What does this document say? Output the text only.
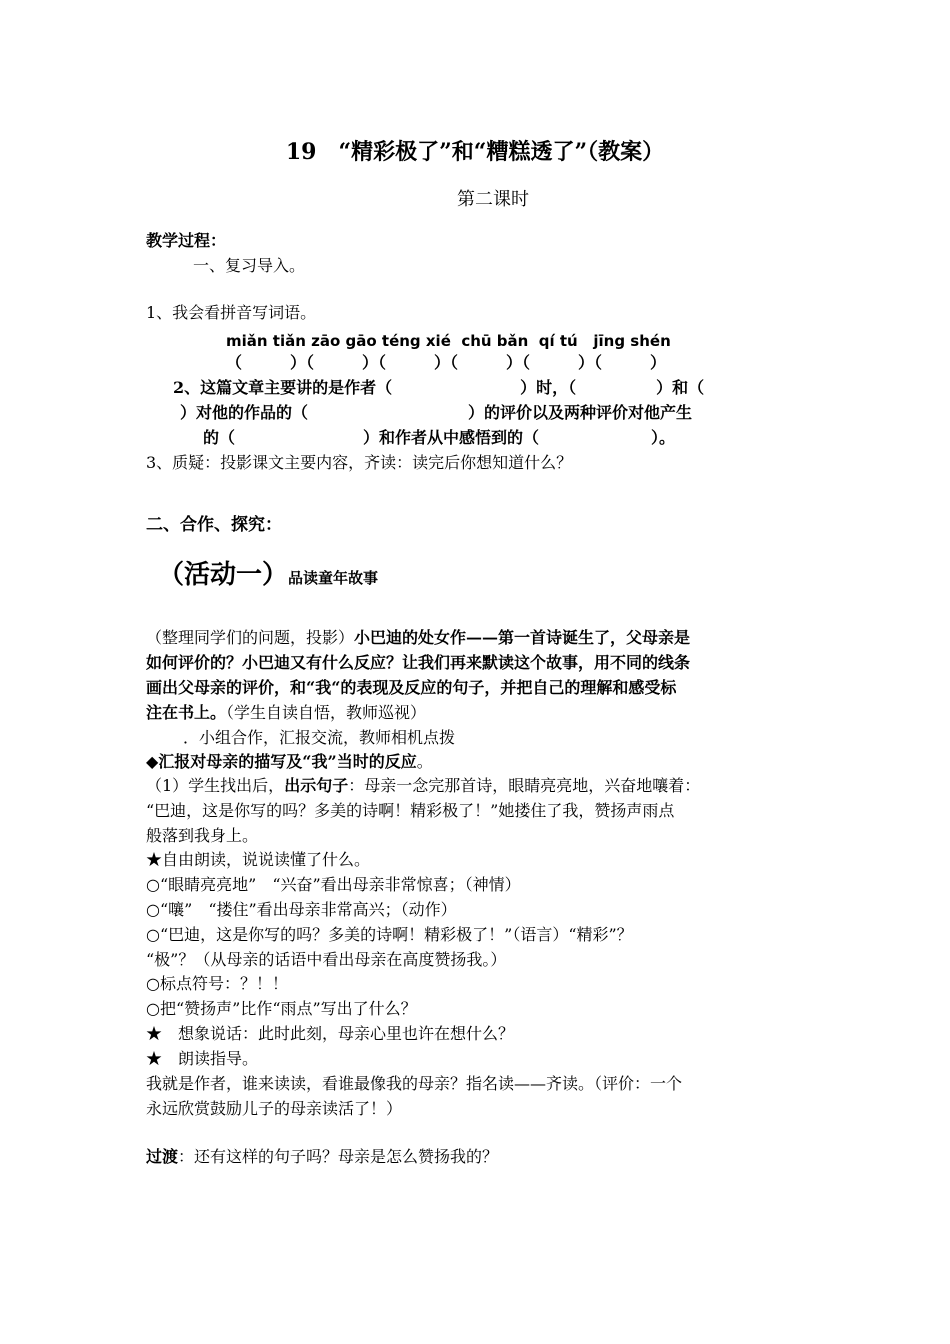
19　“精彩极了”和“糟糕透了”（教案）
第二课时
教学过程：
一、复习导入。
1、我会看拼音写词语。
miǎn tiǎn zāo gāo téng xié  chū bǎn  qí tú   jīng shén
（　　　）（　　　）（　　　）（　　　）（　　　）（　　　）
2、这篇文章主要讲的是作者（　　　　　　　　）时，（　　　　　）和（
）对他的作品的（　　　　　　　　　　）的评价以及两种评价对他产生
的（　　　　　　　　）和作者从中感悟到的（　　　　　　　）。
3、质疑：投影课文主要内容，齐读：读完后你想知道什么？
二、合作、探究：
（活动一）品读童年故事
（整理同学们的问题，投影）小巴迪的处女作——第一首诗诞生了，父母亲是
如何评价的？小巴迪又有什么反应？让我们再来默读这个故事，用不同的线条
画出父母亲的评价，和“我“的表现及反应的句子，并把自己的理解和感受标
注在书上。（学生自读自悟，教师巡视）
．小组合作，汇报交流，教师相机点拨
◆汇报对母亲的描写及“我”当时的反应。
（1）学生找出后，出示句子：母亲一念完那首诗，眼睛亮亮地，兴奋地嚷着：
“巴迪，这是你写的吗？多美的诗啊！精彩极了！”她搂住了我，赞扬声雨点
般落到我身上。
★自由朗读，说说读懂了什么。
○“眼睛亮亮地”　“兴奋”看出母亲非常惊喜；（神情）
○“嚷”　“搂住”看出母亲非常高兴；（动作）
○“巴迪，这是你写的吗？多美的诗啊！精彩极了！”（语言）“精彩”？
“极”？（从母亲的话语中看出母亲在高度赞扬我。）
○标点符号：？！！
○把“赞扬声”比作“雨点”写出了什么？
★　想象说话：此时此刻，母亲心里也许在想什么？
★　朗读指导。
我就是作者，谁来读读，看谁最像我的母亲？指名读——齐读。（评价：一个
永远欣赏鼓励儿子的母亲读活了！）
过渡：还有这样的句子吗？母亲是怎么赞扬我的？
